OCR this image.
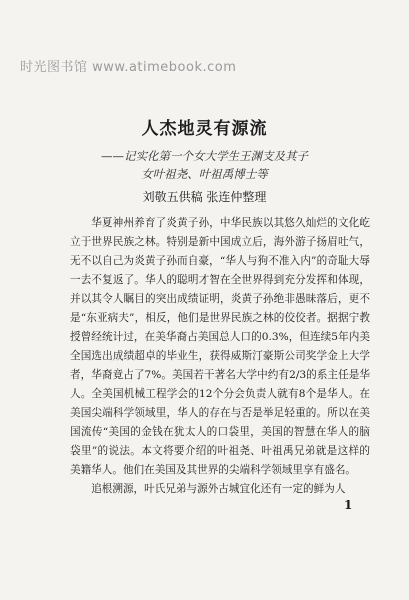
时光图书馆 www.atimebook.com
人杰地灵有源流
——记实化第一个女大学生王渊支及其子
女叶祖尧、叶祖禹博士等
刘敬五供稿 张连仲整理

华夏神州养育了炎黄子孙，中华民族以其悠久灿烂的文化屹立于世界民族之林。特别是新中国成立后，海外游子扬眉吐气，无不以自己为炎黄子孙而自豪，“华人与狗不准入内”的奇耻大辱一去不复返了。华人的聪明才智在全世界得到充分发挥和体现，并以其令人瞩目的突出成绩证明，炎黄子孙绝非愚昧落后，更不是“东亚病夫”，相反，他们是世界民族之林的佼佼者。据据宁教授曾经统计过，在美华裔占美国总人口的0.3%，但连续5年内美全国选出成绩超卓的毕业生，获得威斯汀豪斯公司奖学金上大学者，华裔竟占了7%。美国若干著名大学中约有2/3的系主任是华人。全美国机械工程学会的12个分会负责人就有8个是华人。在美国尖端科学领域里，华人的存在与否是举足轻重的。所以在美国流传“美国的金钱在犹太人的口袋里，美国的智慧在华人的脑袋里”的说法。本文将要介绍的叶祖尧、叶祖禹兄弟就是这样的美籍华人。他们在美国及其世界的尖端科学领域里享有盛名。

追根溯源，叶氏兄弟与源外古城宜化还有一定的鲜为人

1
